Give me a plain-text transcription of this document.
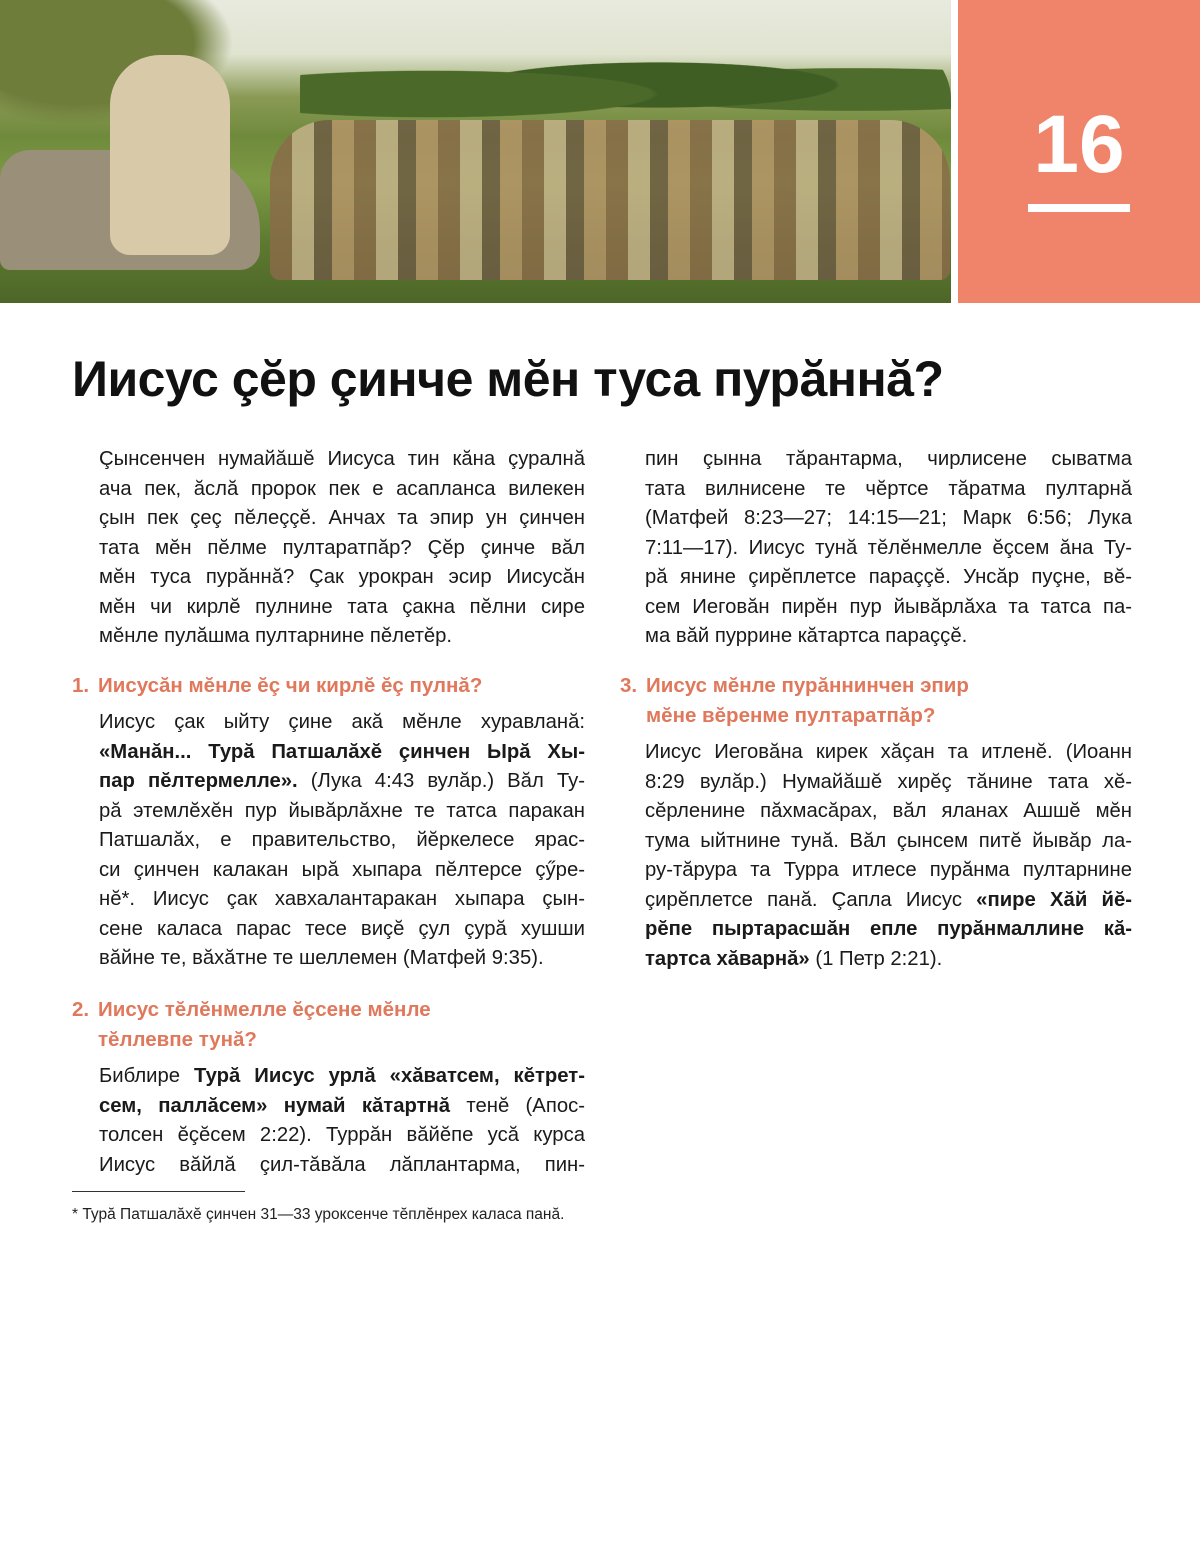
16
Иисус çĕр çинче мĕн туса пурăннă?
Çынсенчен нумайăшĕ Иисуса тин кăна çуралнă
ача пек, ăслă пророк пек е асапланса вилекен
çын пек çеç пĕлеççĕ. Анчах та эпир ун çинчен
тата мĕн пĕлме пултаратпăр? Çĕр çинче вăл
мĕн туса пурăннă? Çак урокран эсир Иисусăн
мĕн чи кирлĕ пулнине тата çакна пĕлни сире
мĕнле пулăшма пултарнине пĕлетĕр.
1. Иисусăн мĕнле ĕç чи кирлĕ ĕç пулнă?
Иисус çак ыйту çине акă мĕнле хуравланă:
«Манăн... Турă Патшалăхĕ çинчен Ырă Хы-
пар пĕлтермелле». (Лука 4:43 вулăр.) Вăл Ту-
рă этемлĕхĕн пур йывăрлăхне те татса паракан
Патшалăх, е правительство, йĕркелесе ярас-
си çинчен калакан ырă хыпара пĕлтерсе çӳре-
нĕ*. Иисус çак хавхалантаракан хыпара çын-
сене каласа парас тесе виçĕ çул çурă хушши
вăйне те, вăхăтне те шеллемен (Матфей 9:35).
2. Иисус тĕлĕнмелле ĕçсене мĕнле
тĕллевпе тунă?
Библире Турă Иисус урлă «хăватсем, кĕтрет-
сем, паллăсем» нумай кăтартнă тенĕ (Апос-
толсен ĕçĕсем 2:22). Туррăн вăйĕпе усă курса
Иисус вăйлă çил-тăвăла лăплантарма, пин-
пин çынна тăрантарма, чирлисене сыватма
тата вилнисене те чĕртсе тăратма пултарнă
(Матфей 8:23—27; 14:15—21; Марк 6:56; Лука
7:11—17). Иисус тунă тĕлĕнмелле ĕçсем ăна Ту-
рă янине çирĕплетсе параççĕ. Унсăр пуçне, вĕ-
сем Иеговăн пирĕн пур йывăрлăха та татса па-
ма вăй пуррине кăтартса параççĕ.
3. Иисус мĕнле пурăннинчен эпир
мĕне вĕренме пултаратпăр?
Иисус Иеговăна кирек хăçан та итленĕ. (Иоанн
8:29 вулăр.) Нумайăшĕ хирĕç тăнине тата хĕ-
сĕрленине пăхмасăрах, вăл яланах Ашшĕ мĕн
тума ыйтнине тунă. Вăл çынсем питĕ йывăр ла-
ру-тăрура та Турра итлесе пурăнма пултарнине
çирĕплетсе панă. Çапла Иисус «пире Хăй йĕ-
рĕпе пыртарасшăн епле пурăнмаллине кă-
тартса хăварнă» (1 Петр 2:21).
* Турă Патшалăхĕ çинчен 31—33 уроксенче тĕплĕнрех каласа панă.
